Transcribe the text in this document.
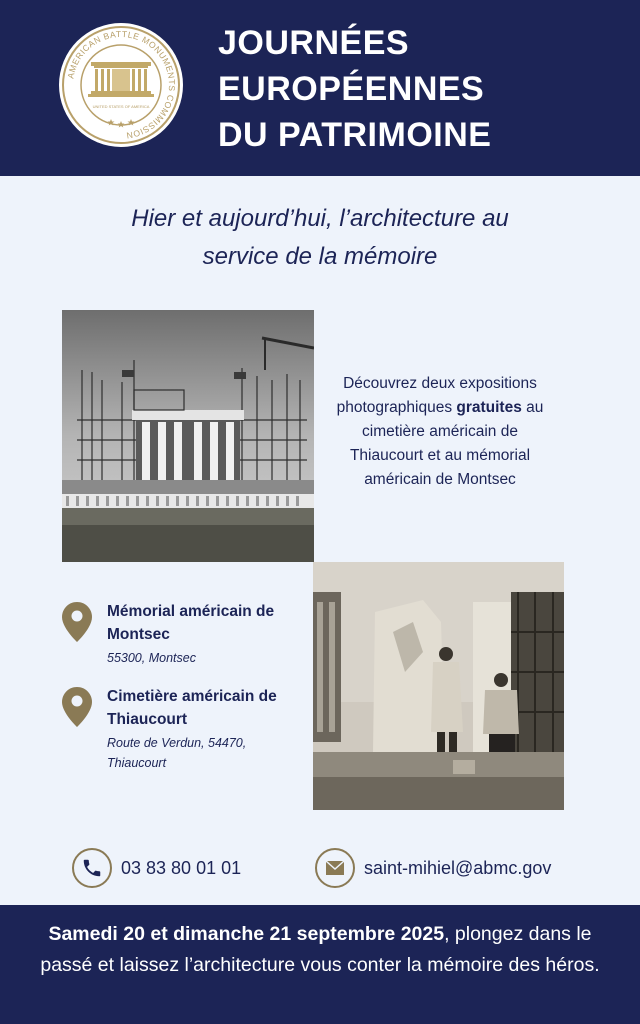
AMERICAN BATTLE MONUMENTS COMMISSION
UNITED STATES OF AMERICA
JOURNÉES
EUROPÉENNES
DU PATRIMOINE
Hier et aujourd’hui, l’architecture au
service de la mémoire
Découvrez deux expositions photographiques gratuites au cimetière américain de Thiaucourt et au mémorial américain de Montsec
Mémorial américain de Montsec
55300, Montsec
Cimetière américain de Thiaucourt
Route de Verdun, 54470, Thiaucourt
03 83 80 01 01	saint-mihiel@abmc.gov
Samedi 20 et dimanche 21 septembre 2025, plongez dans le passé et laissez l’architecture vous conter la mémoire des héros.
